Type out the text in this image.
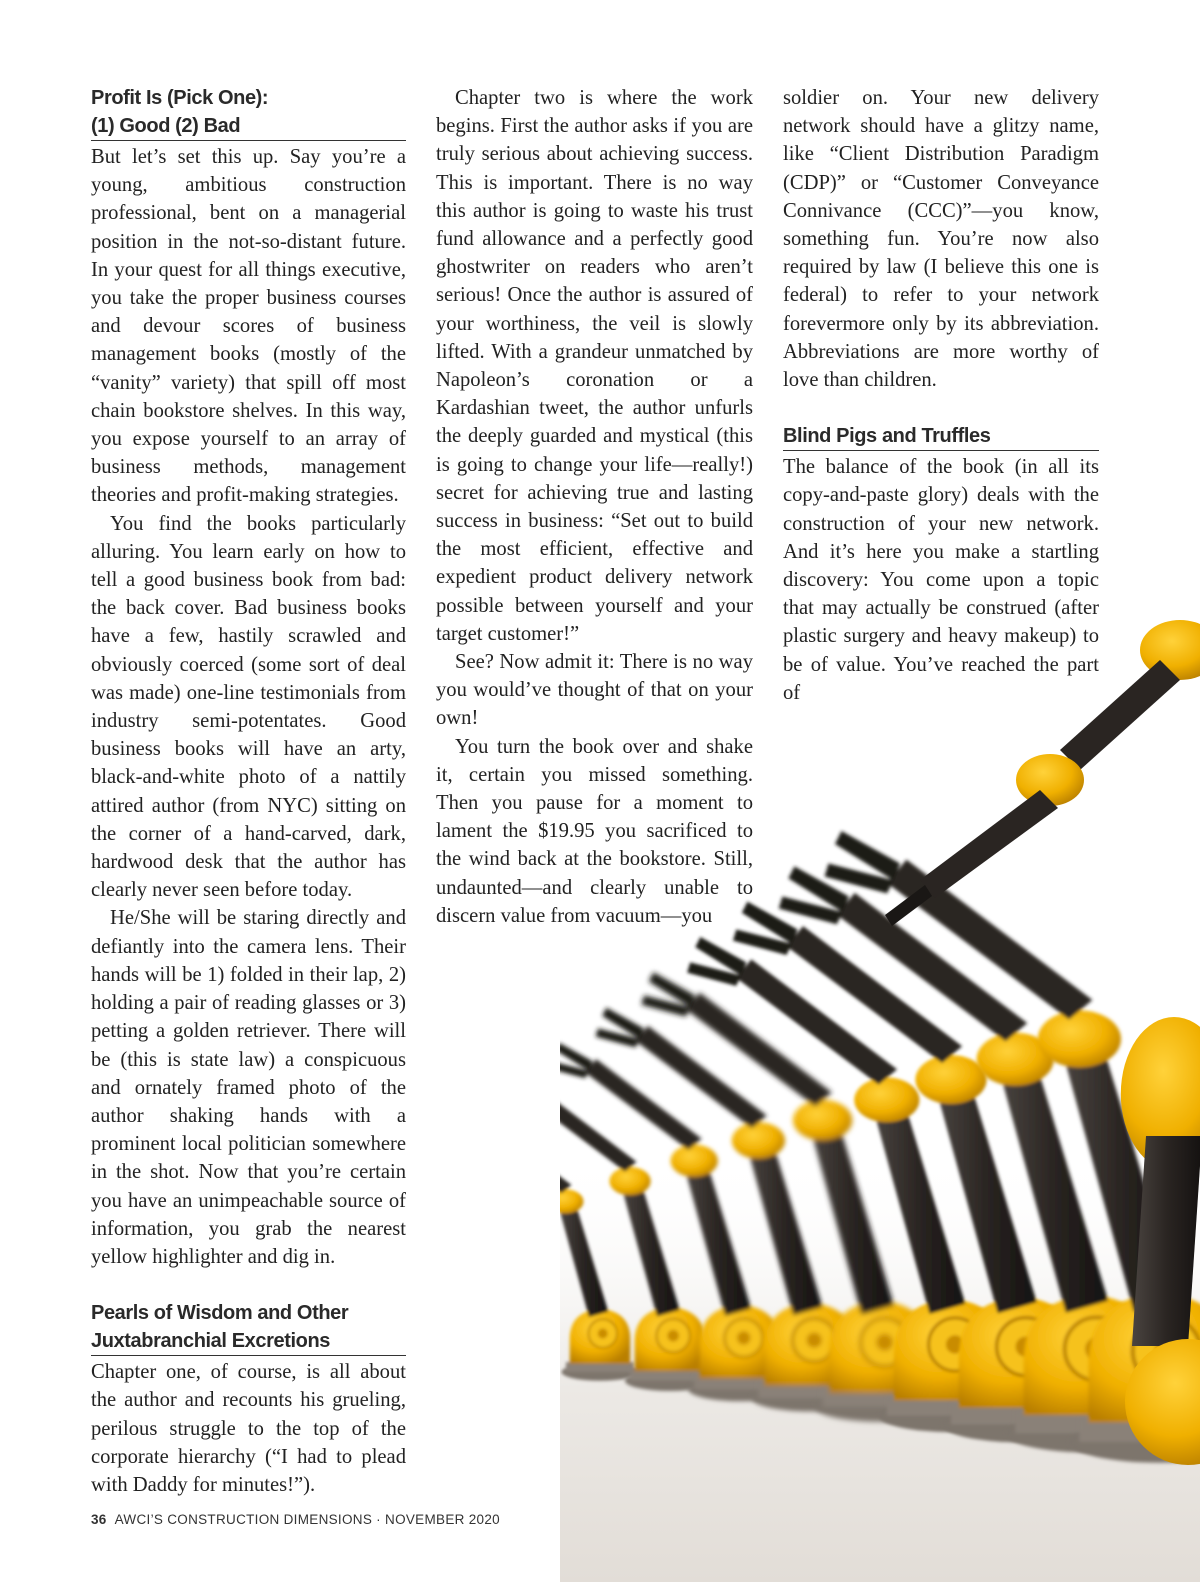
Profit Is (Pick One):
(1) Good (2) Bad

But let’s set this up. Say you’re a young, ambitious construction professional, bent on a managerial position in the not-so-distant future. In your quest for all things executive, you take the proper business courses and devour scores of business management books (mostly of the “vanity” variety) that spill off most chain bookstore shelves. In this way, you expose yourself to an array of business methods, management theories and profit-making strategies.

You find the books particularly alluring. You learn early on how to tell a good business book from bad: the back cover. Bad business books have a few, hastily scrawled and obviously coerced (some sort of deal was made) one-line testimonials from industry semi-potentates. Good business books will have an arty, black-and-white photo of a nattily attired author (from NYC) sitting on the corner of a hand-carved, dark, hardwood desk that the author has clearly never seen before today.

He/She will be staring directly and defiantly into the camera lens. Their hands will be 1) folded in their lap, 2) holding a pair of reading glasses or 3) petting a golden retriever. There will be (this is state law) a conspicuous and ornately framed photo of the author shaking hands with a prominent local politician somewhere in the shot. Now that you’re certain you have an unimpeachable source of information, you grab the nearest yellow highlighter and dig in.

Pearls of Wisdom and Other
Juxtabranchial Excretions

Chapter one, of course, is all about the author and recounts his grueling, perilous struggle to the top of the corporate hierarchy (“I had to plead with Daddy for minutes!”).

Chapter two is where the work begins. First the author asks if you are truly serious about achieving success. This is important. There is no way this author is going to waste his trust fund allowance and a perfectly good ghostwriter on readers who aren’t serious! Once the author is assured of your worthiness, the veil is slowly lifted. With a grandeur unmatched by Napoleon’s coronation or a Kardashian tweet, the author unfurls the deeply guarded and mystical (this is going to change your life—really!) secret for achieving true and lasting success in business: “Set out to build the most efficient, effective and expedient product delivery network possible between yourself and your target customer!”

See? Now admit it: There is no way you would’ve thought of that on your own!

You turn the book over and shake it, certain you missed something. Then you pause for a moment to lament the $19.95 you sacrificed to the wind back at the bookstore. Still, undaunted—and clearly unable to discern value from vacuum—you

soldier on. Your new delivery network should have a glitzy name, like “Client Distribution Paradigm (CDP)” or “Customer Conveyance Connivance (CCC)”—you know, something fun. You’re now also required by law (I believe this one is federal) to refer to your network forevermore only by its abbreviation. Abbreviations are more worthy of love than children.

Blind Pigs and Truffles

The balance of the book (in all its copy-and-paste glory) deals with the construction of your new network. And it’s here you make a startling discovery: You come upon a topic that may actually be construed (after plastic surgery and heavy makeup) to be of value. You’ve reached the part of

36 AWCI’S CONSTRUCTION DIMENSIONS · NOVEMBER 2020
